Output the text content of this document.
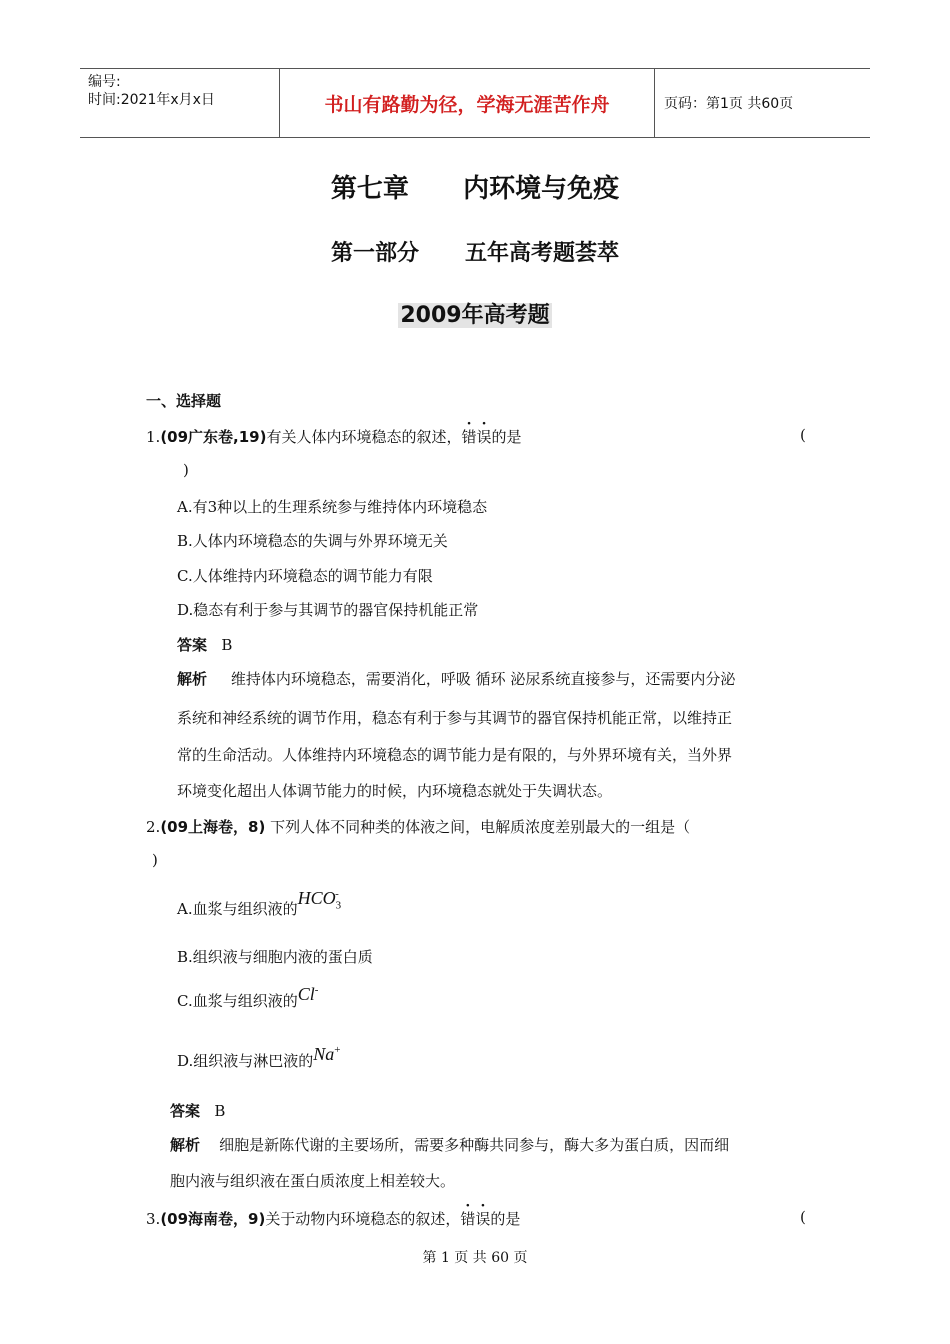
编号:
时间:2021年x月x日	书山有路勤为径，学海无涯苦作舟	页码：第1页 共60页
第七章      内环境与免疫
第一部分      五年高考题荟萃
2009年高考题
一、选择题
1.(09广东卷,19)有关人体内环境稳态的叙述，错误的是	(
)
A.有3种以上的生理系统参与维持体内环境稳态
B.人体内环境稳态的失调与外界环境无关
C.人体维持内环境稳态的调节能力有限
D.稳态有利于参与其调节的器官保持机能正常
答案 B
解析 维持体内环境稳态，需要消化，呼吸 循环 泌尿系统直接参与，还需要内分泌
系统和神经系统的调节作用，稳态有利于参与其调节的器官保持机能正常，以维持正
常的生命活动。人体维持内环境稳态的调节能力是有限的，与外界环境有关，当外界
环境变化超出人体调节能力的时候，内环境稳态就处于失调状态。
2.(09上海卷，8) 下列人体不同种类的体液之间，电解质浓度差别最大的一组是（
)
A.血浆与组织液的$HCO_3^-$
B.组织液与细胞内液的蛋白质
C.血浆与组织液的Cl-
D.组织液与淋巴液的Na+
答案 B
解析 细胞是新陈代谢的主要场所，需要多种酶共同参与，酶大多为蛋白质，因而细
胞内液与组织液在蛋白质浓度上相差较大。
3.(09海南卷，9)关于动物内环境稳态的叙述，错误的是	(
第 1 页 共 60 页
